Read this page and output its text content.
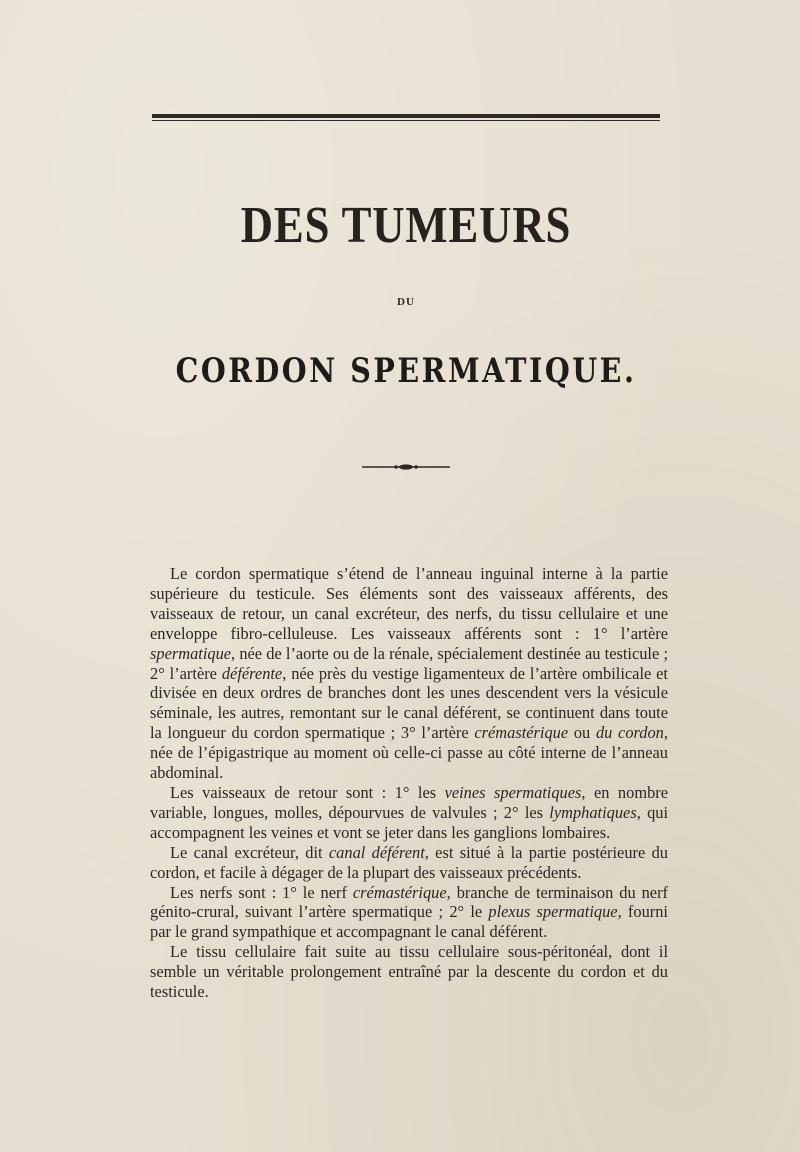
DES TUMEURS
DU
CORDON SPERMATIQUE.

Le cordon spermatique s’étend de l’anneau inguinal interne à la partie supérieure du testicule. Ses éléments sont des vaisseaux afférents, des vaisseaux de retour, un canal excréteur, des nerfs, du tissu cellulaire et une enveloppe fibro-celluleuse. Les vaisseaux afférents sont : 1° l’artère spermatique, née de l’aorte ou de la rénale, spécialement destinée au testicule ; 2° l’artère déférente, née près du vestige ligamenteux de l’artère ombilicale et divisée en deux ordres de branches dont les unes descendent vers la vésicule séminale, les autres, remontant sur le canal déférent, se continuent dans toute la longueur du cordon spermatique ; 3° l’artère crémastérique ou du cordon, née de l’épigastrique au moment où celle-ci passe au côté interne de l’anneau abdominal.

Les vaisseaux de retour sont : 1° les veines spermatiques, en nombre variable, longues, molles, dépourvues de valvules ; 2° les lymphatiques, qui accompagnent les veines et vont se jeter dans les ganglions lombaires.

Le canal excréteur, dit canal déférent, est situé à la partie postérieure du cordon, et facile à dégager de la plupart des vaisseaux précédents.

Les nerfs sont : 1° le nerf crémastérique, branche de terminaison du nerf génito-crural, suivant l’artère spermatique ; 2° le plexus spermatique, fourni par le grand sympathique et accompagnant le canal déférent.

Le tissu cellulaire fait suite au tissu cellulaire sous-péritonéal, dont il semble un véritable prolongement entraîné par la descente du cordon et du testicule.
